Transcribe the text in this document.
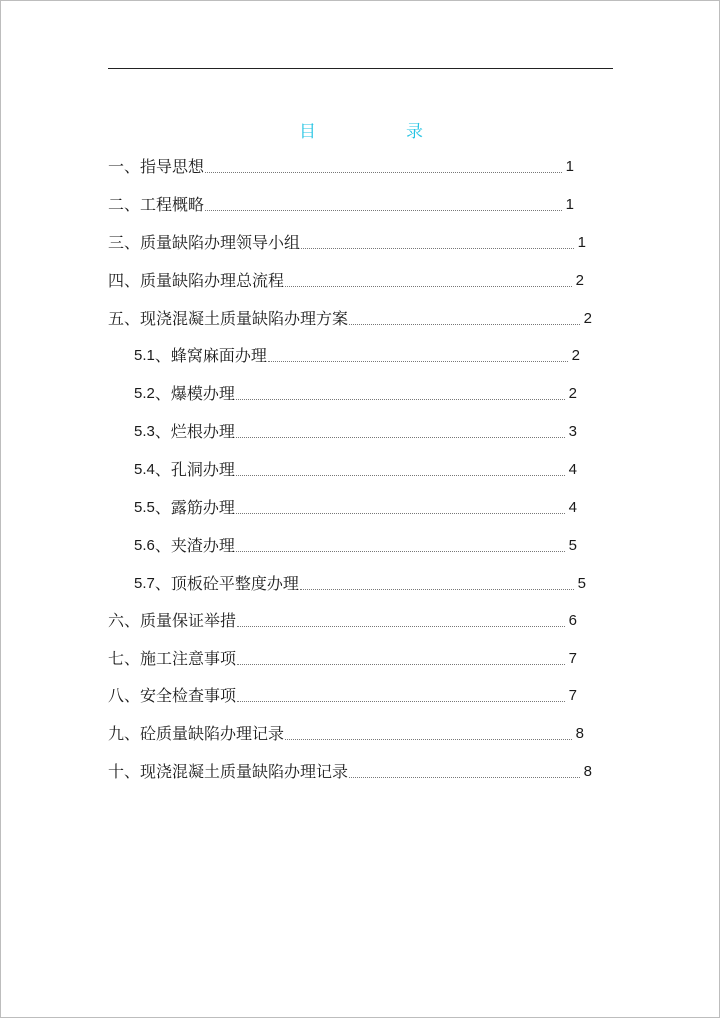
目	录
一、指导思想	1
二、工程概略	1
三、质量缺陷办理领导小组	1
四、质量缺陷办理总流程	2
五、现浇混凝土质量缺陷办理方案	2
5.1 、蜂窝麻面办理	2
5.2 、爆模办理	2
5.3 、烂根办理	3
5.4 、孔洞办理	4
5.5 、露筋办理	4
5.6 、夹渣办理	5
5.7 、顶板砼平整度办理	5
六、质量保证举措	6
七、施工注意事项	7
八、安全检查事项	7
九、砼质量缺陷办理记录	8
十、现浇混凝土质量缺陷办理记录	8
